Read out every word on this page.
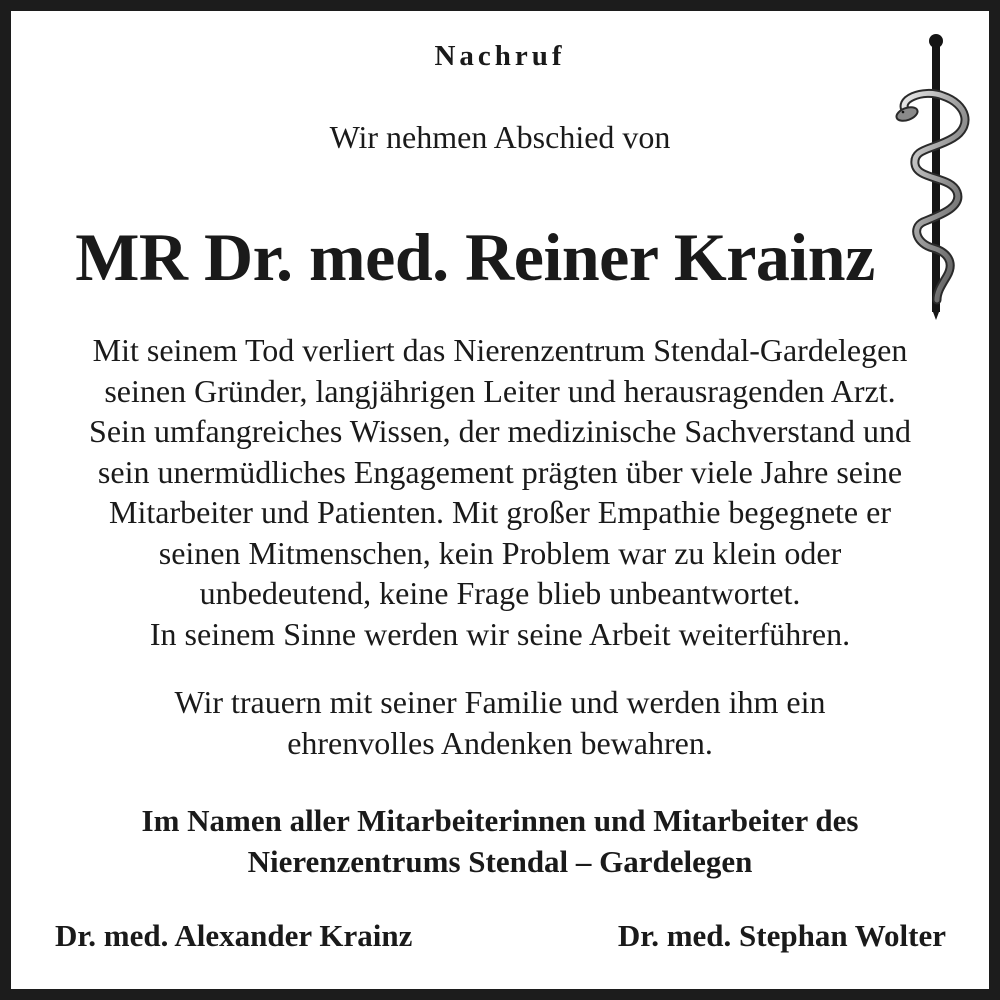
Nachruf
Wir nehmen Abschied von
MR Dr. med. Reiner Krainz
Mit seinem Tod verliert das Nierenzentrum Stendal-Gardelegen
seinen Gründer, langjährigen Leiter und herausragenden Arzt.
Sein umfangreiches Wissen, der medizinische Sachverstand und
sein unermüdliches Engagement prägten über viele Jahre seine
Mitarbeiter und Patienten. Mit großer Empathie begegnete er
seinen Mitmenschen, kein Problem war zu klein oder
unbedeutend, keine Frage blieb unbeantwortet.
In seinem Sinne werden wir seine Arbeit weiterführen.
Wir trauern mit seiner Familie und werden ihm ein
ehrenvolles Andenken bewahren.
Im Namen aller Mitarbeiterinnen und Mitarbeiter des
Nierenzentrums Stendal – Gardelegen
Dr. med. Alexander Krainz	Dr. med. Stephan Wolter
